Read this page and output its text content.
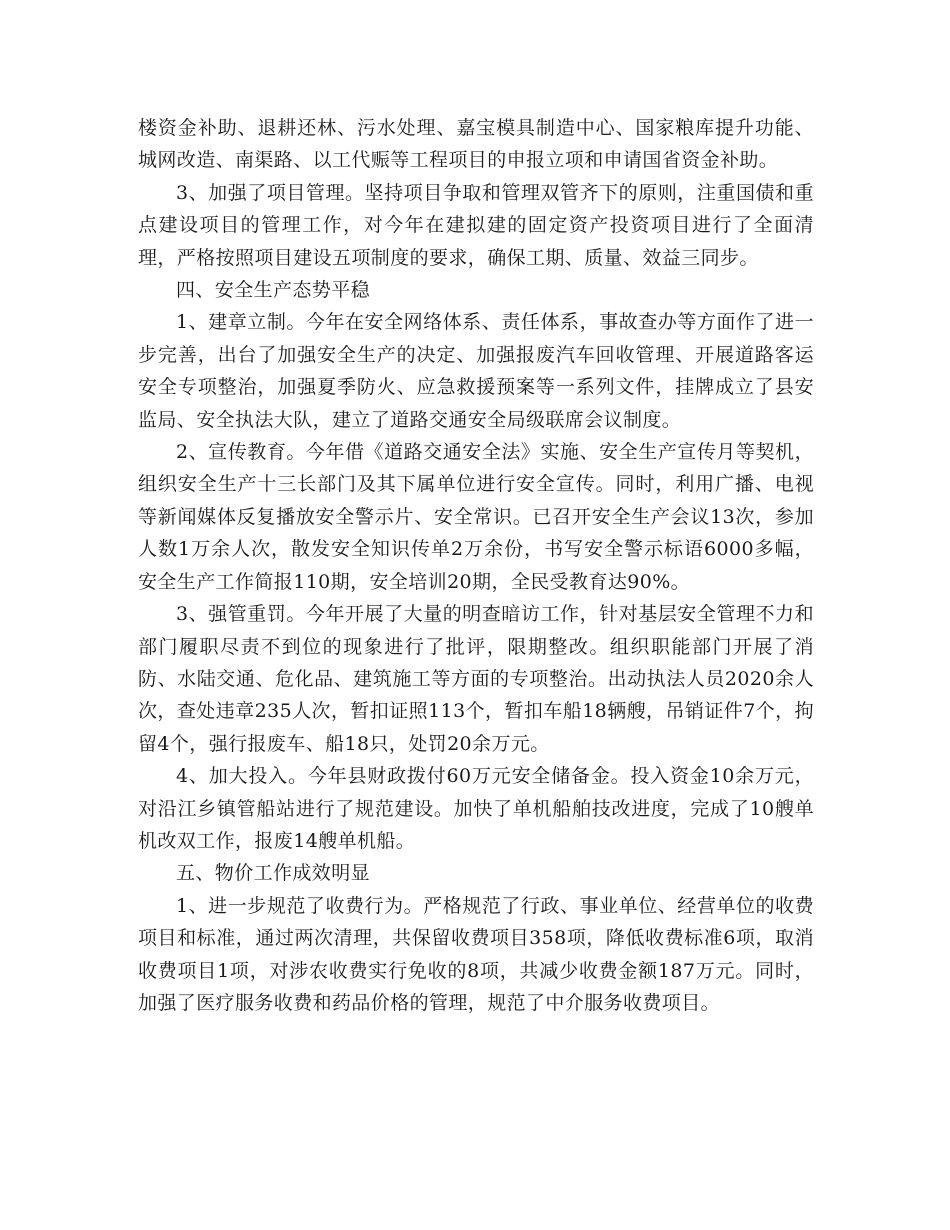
楼资金补助、退耕还林、污水处理、嘉宝模具制造中心、国家粮库提升功能、城网改造、南渠路、以工代赈等工程项目的申报立项和申请国省资金补助。

3、加强了项目管理。坚持项目争取和管理双管齐下的原则，注重国债和重点建设项目的管理工作，对今年在建拟建的固定资产投资项目进行了全面清理，严格按照项目建设五项制度的要求，确保工期、质量、效益三同步。

四、安全生产态势平稳

1、建章立制。今年在安全网络体系、责任体系，事故查办等方面作了进一步完善，出台了加强安全生产的决定、加强报废汽车回收管理、开展道路客运安全专项整治，加强夏季防火、应急救援预案等一系列文件，挂牌成立了县安监局、安全执法大队，建立了道路交通安全局级联席会议制度。

2、宣传教育。今年借《道路交通安全法》实施、安全生产宣传月等契机，组织安全生产十三长部门及其下属单位进行安全宣传。同时，利用广播、电视等新闻媒体反复播放安全警示片、安全常识。已召开安全生产会议13次，参加人数1万余人次，散发安全知识传单2万余份，书写安全警示标语6000多幅，安全生产工作简报110期，安全培训20期，全民受教育达90%。

3、强管重罚。今年开展了大量的明查暗访工作，针对基层安全管理不力和部门履职尽责不到位的现象进行了批评，限期整改。组织职能部门开展了消防、水陆交通、危化品、建筑施工等方面的专项整治。出动执法人员2020余人次，查处违章235人次，暂扣证照113个，暂扣车船18辆艘，吊销证件7个，拘留4个，强行报废车、船18只，处罚20余万元。

4、加大投入。今年县财政拨付60万元安全储备金。投入资金10余万元，对沿江乡镇管船站进行了规范建设。加快了单机船舶技改进度，完成了10艘单机改双工作，报废14艘单机船。

五、物价工作成效明显

1、进一步规范了收费行为。严格规范了行政、事业单位、经营单位的收费项目和标准，通过两次清理，共保留收费项目358项，降低收费标准6项，取消收费项目1项，对涉农收费实行免收的8项，共减少收费金额187万元。同时，加强了医疗服务收费和药品价格的管理，规范了中介服务收费项目。
